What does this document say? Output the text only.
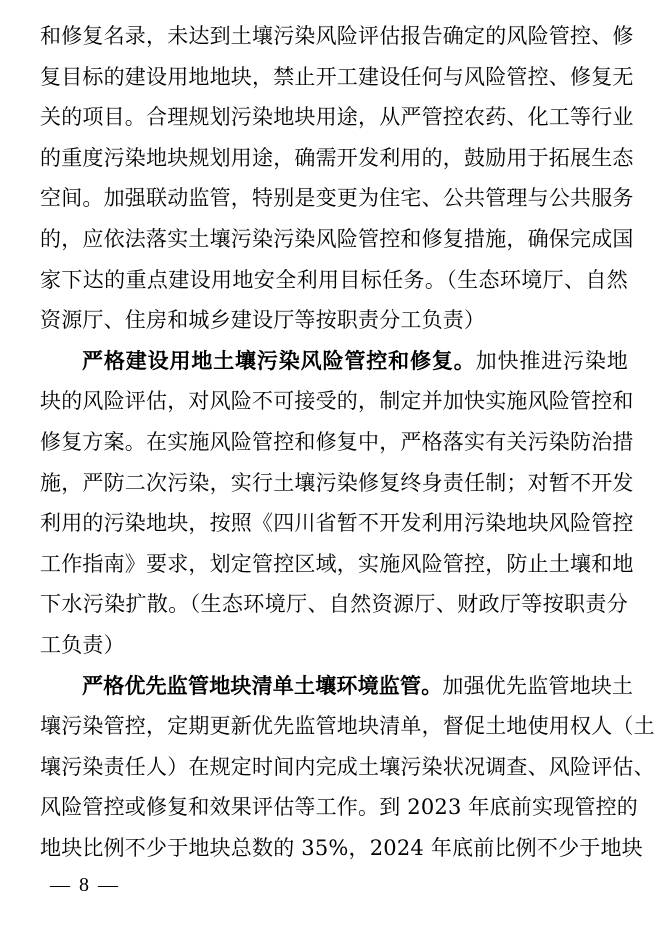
和修复名录，未达到土壤污染风险评估报告确定的风险管控、修
复目标的建设用地地块，禁止开工建设任何与风险管控、修复无
关的项目。合理规划污染地块用途，从严管控农药、化工等行业
的重度污染地块规划用途，确需开发利用的，鼓励用于拓展生态
空间。加强联动监管，特别是变更为住宅、公共管理与公共服务
的，应依法落实土壤污染污染风险管控和修复措施，确保完成国
家下达的重点建设用地安全利用目标任务。（生态环境厅、自然
资源厅、住房和城乡建设厅等按职责分工负责）
严格建设用地土壤污染风险管控和修复。加快推进污染地
块的风险评估，对风险不可接受的，制定并加快实施风险管控和
修复方案。在实施风险管控和修复中，严格落实有关污染防治措
施，严防二次污染，实行土壤污染修复终身责任制；对暂不开发
利用的污染地块，按照《四川省暂不开发利用污染地块风险管控
工作指南》要求，划定管控区域，实施风险管控，防止土壤和地
下水污染扩散。（生态环境厅、自然资源厅、财政厅等按职责分
工负责）
严格优先监管地块清单土壤环境监管。加强优先监管地块土
壤污染管控，定期更新优先监管地块清单，督促土地使用权人（土
壤污染责任人）在规定时间内完成土壤污染状况调查、风险评估、
风险管控或修复和效果评估等工作。到 2023 年底前实现管控的
地块比例不少于地块总数的 35%，2024 年底前比例不少于地块
— 8 —
